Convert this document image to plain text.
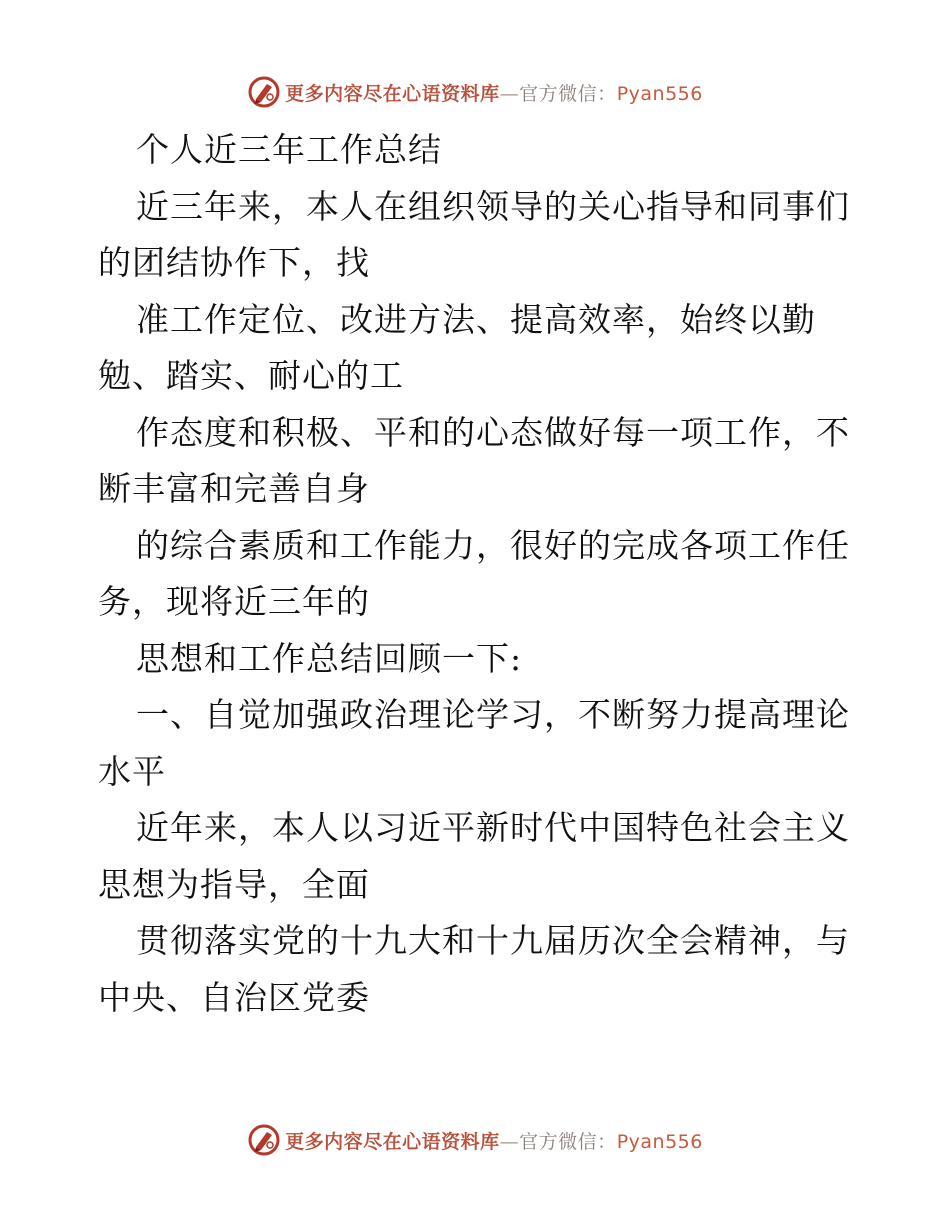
更多内容尽在心语资料库—官方微信：Pyan556
个人近三年工作总结
近三年来，本人在组织领导的关心指导和同事们
的团结协作下，找
准工作定位、改进方法、提高效率，始终以勤
勉、踏实、耐心的工
作态度和积极、平和的心态做好每一项工作，不
断丰富和完善自身
的综合素质和工作能力，很好的完成各项工作任
务，现将近三年的
思想和工作总结回顾一下:
一、自觉加强政治理论学习，不断努力提高理论
水平
近年来，本人以习近平新时代中国特色社会主义
思想为指导，全面
贯彻落实党的十九大和十九届历次全会精神，与
中央、自治区党委
更多内容尽在心语资料库—官方微信：Pyan556
